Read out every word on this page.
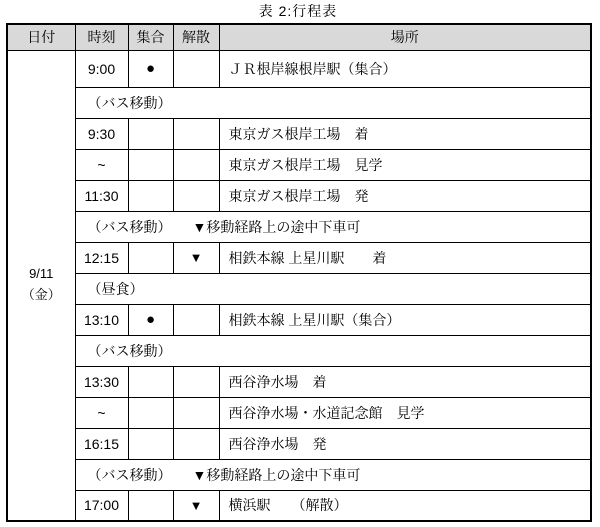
表 2:行程表
日付	時刻	集合	解散	場所

9/11
（金）	9:00	●		ＪＲ根岸線根岸駅（集合）
	（バス移動）			
	9:30			東京ガス根岸工場　着
	~			東京ガス根岸工場　見学
	11:30			東京ガス根岸工場　発
	（バス移動）　　▼移動経路上の途中下車可			
	12:15		▼	相鉄本線 上星川駅　　着
	（昼食）			
	13:10	●		相鉄本線 上星川駅（集合）
	（バス移動）			
	13:30			西谷浄水場　着
	~			西谷浄水場・水道記念館　見学
	16:15			西谷浄水場　発
	（バス移動）　　▼移動経路上の途中下車可			
	17:00		▼	横浜駅　　（解散）
